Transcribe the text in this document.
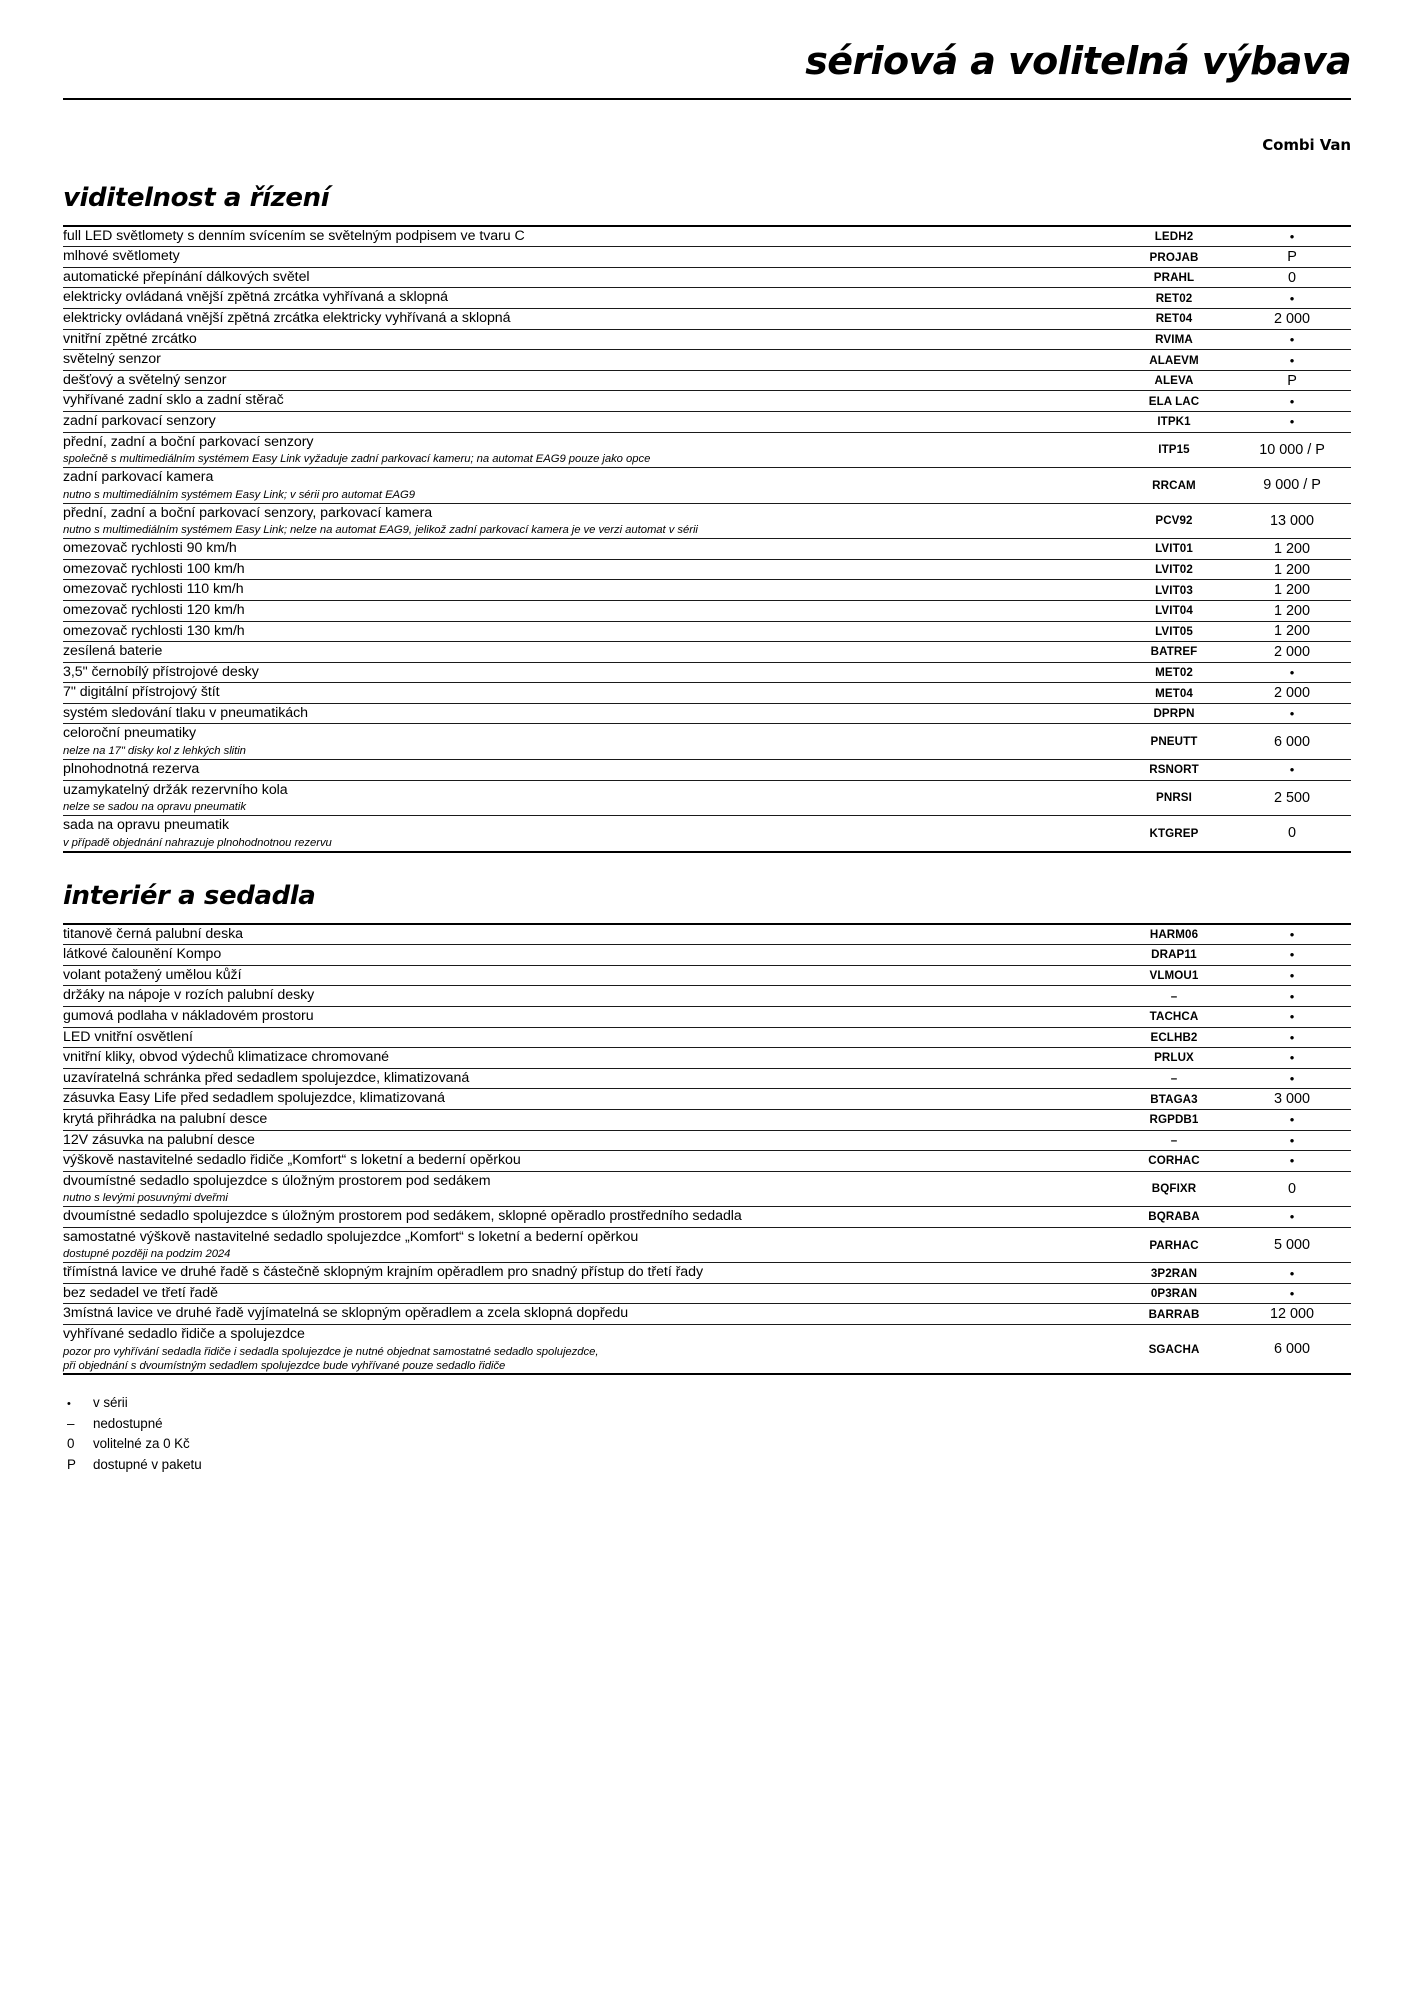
sériová a volitelná výbava
Combi Van
viditelnost a řízení
full LED světlomety s denním svícením se světelným podpisem ve tvaru C	LEDH2	•

mlhové světlomety	PROJAB	P

automatické přepínání dálkových světel	PRAHL	0

elektricky ovládaná vnější zpětná zrcátka vyhřívaná a sklopná	RET02	•

elektricky ovládaná vnější zpětná zrcátka elektricky vyhřívaná a sklopná	RET04	2 000

vnitřní zpětné zrcátko	RVIMA	•

světelný senzor	ALAEVM	•

dešťový a světelný senzor	ALEVA	P

vyhřívané zadní sklo a zadní stěrač	ELA LAC	•

zadní parkovací senzory	ITPK1	•

přední, zadní a boční parkovací senzory
společně s multimediálním systémem Easy Link vyžaduje zadní parkovací kameru; na automat EAG9 pouze jako opce	ITP15	10 000 / P

zadní parkovací kamera
nutno s multimediálním systémem Easy Link; v sérii pro automat EAG9	RRCAM	9 000 / P

přední, zadní a boční parkovací senzory, parkovací kamera
nutno s multimediálním systémem Easy Link; nelze na automat EAG9, jelikož zadní parkovací kamera je ve verzi automat v sérii	PCV92	13 000

omezovač rychlosti 90 km/h	LVIT01	1 200

omezovač rychlosti 100 km/h	LVIT02	1 200

omezovač rychlosti 110 km/h	LVIT03	1 200

omezovač rychlosti 120 km/h	LVIT04	1 200

omezovač rychlosti 130 km/h	LVIT05	1 200

zesílená baterie	BATREF	2 000

3,5" černobílý přístrojové desky	MET02	•

7" digitální přístrojový štít	MET04	2 000

systém sledování tlaku v pneumatikách	DPRPN	•

celoroční pneumatiky
nelze na 17" disky kol z lehkých slitin	PNEUTT	6 000

plnohodnotná rezerva	RSNORT	•

uzamykatelný držák rezervního kola
nelze se sadou na opravu pneumatik	PNRSI	2 500

sada na opravu pneumatik
v případě objednání nahrazuje plnohodnotnou rezervu	KTGREP	0
interiér a sedadla
titanově černá palubní deska	HARM06	•

látkové čalounění Kompo	DRAP11	•

volant potažený umělou kůží	VLMOU1	•

držáky na nápoje v rozích palubní desky	–	•

gumová podlaha v nákladovém prostoru	TACHCA	•

LED vnitřní osvětlení	ECLHB2	•

vnitřní kliky, obvod výdechů klimatizace chromované	PRLUX	•

uzavíratelná schránka před sedadlem spolujezdce, klimatizovaná	–	•

zásuvka Easy Life před sedadlem spolujezdce, klimatizovaná	BTAGA3	3 000

krytá přihrádka na palubní desce	RGPDB1	•

12V zásuvka na palubní desce	–	•

výškově nastavitelné sedadlo řidiče „Komfort“ s loketní a bederní opěrkou	CORHAC	•

dvoumístné sedadlo spolujezdce s úložným prostorem pod sedákem
nutno s levými posuvnými dveřmi	BQFIXR	0

dvoumístné sedadlo spolujezdce s úložným prostorem pod sedákem, sklopné opěradlo prostředního sedadla	BQRABA	•

samostatné výškově nastavitelné sedadlo spolujezdce „Komfort“ s loketní a bederní opěrkou
dostupné později na podzim 2024	PARHAC	5 000

třímístná lavice ve druhé řadě s částečně sklopným krajním opěradlem pro snadný přístup do třetí řady	3P2RAN	•

bez sedadel ve třetí řadě	0P3RAN	•

3místná lavice ve druhé řadě vyjímatelná se sklopným opěradlem a zcela sklopná dopředu	BARRAB	12 000

vyhřívané sedadlo řidiče a spolujezdce
pozor pro vyhřívání sedadla řidiče i sedadla spolujezdce je nutné objednat samostatné sedadlo spolujezdce,
při objednání s dvoumístným sedadlem spolujezdce bude vyhřívané pouze sedadlo řidiče	SGACHA	6 000
•	v sérii
–	nedostupné
0	volitelné za 0 Kč
P	dostupné v paketu
